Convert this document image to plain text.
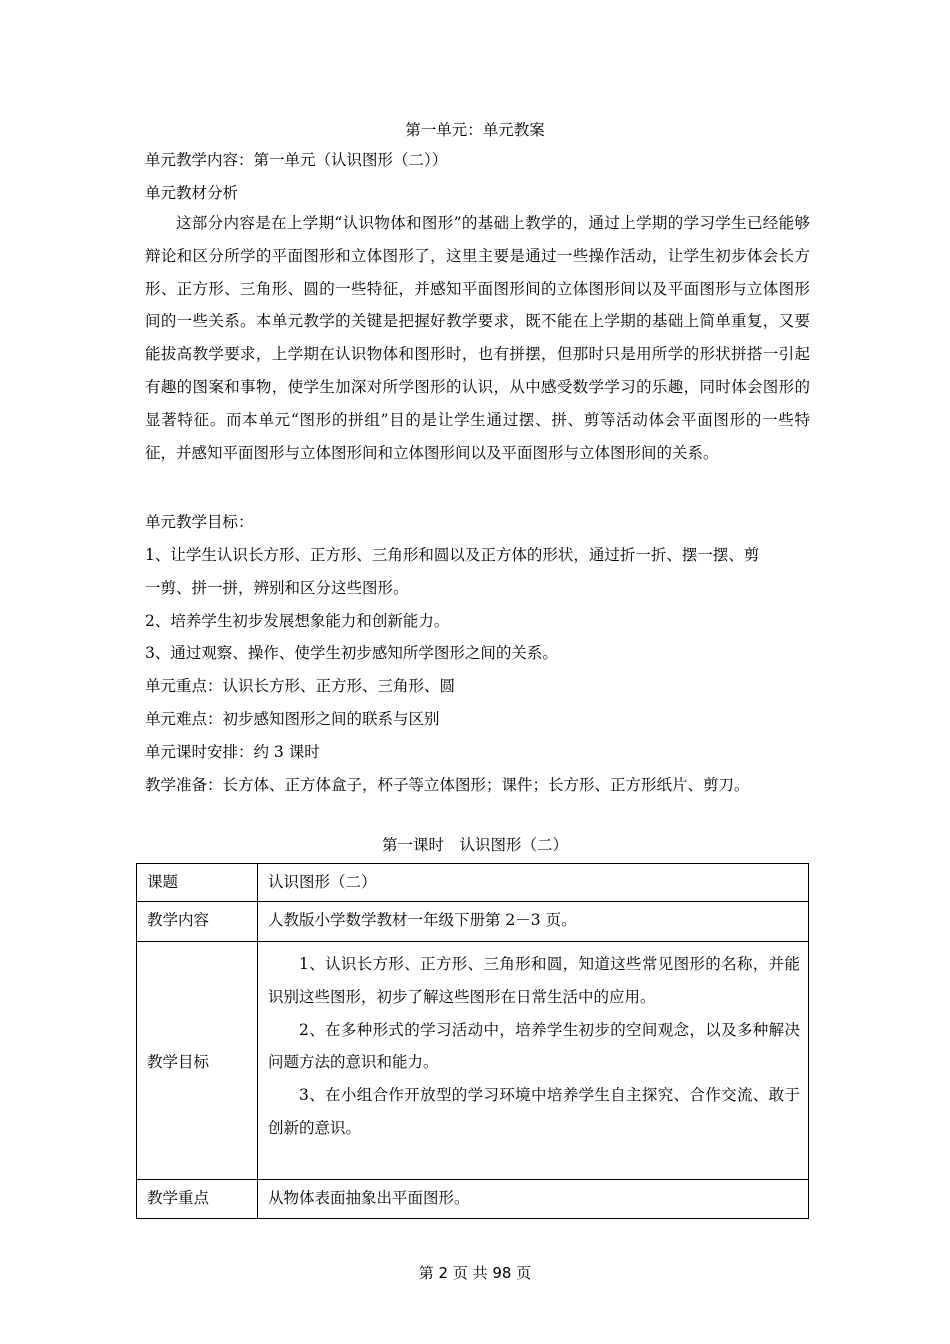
第一单元：单元教案
单元教学内容：第一单元（认识图形（二））
单元教材分析
这部分内容是在上学期“认识物体和图形”的基础上教学的，通过上学期的学习学生已经能够辩论和区分所学的平面图形和立体图形了，这里主要是通过一些操作活动，让学生初步体会长方形、正方形、三角形、圆的一些特征，并感知平面图形间的立体图形间以及平面图形与立体图形间的一些关系。本单元教学的关键是把握好教学要求，既不能在上学期的基础上简单重复，又要能拔高教学要求，上学期在认识物体和图形时，也有拼摆，但那时只是用所学的形状拼搭一引起有趣的图案和事物，使学生加深对所学图形的认识，从中感受数学学习的乐趣，同时体会图形的显著特征。而本单元“图形的拼组”目的是让学生通过摆、拼、剪等活动体会平面图形的一些特征，并感知平面图形与立体图形间和立体图形间以及平面图形与立体图形间的关系。
单元教学目标：
1、让学生认识长方形、正方形、三角形和圆以及正方体的形状，通过折一折、摆一摆、剪
一剪、拼一拼，辨别和区分这些图形。
2、培养学生初步发展想象能力和创新能力。
3、通过观察、操作、使学生初步感知所学图形之间的关系。
单元重点：认识长方形、正方形、三角形、圆
单元难点：初步感知图形之间的联系与区别
单元课时安排：约 3 课时
教学准备：长方体、正方体盒子，杯子等立体图形；课件；长方形、正方形纸片、剪刀。
第一课时　认识图形（二）
课题	认识图形（二）
教学内容	人教版小学数学教材一年级下册第 2－3 页。
教学目标	1、认识长方形、正方形、三角形和圆，知道这些常见图形的名称，并能识别这些图形，初步了解这些图形在日常生活中的应用。

2、在多种形式的学习活动中，培养学生初步的空间观念，以及多种解决问题方法的意识和能力。

3、在小组合作开放型的学习环境中培养学生自主探究、合作交流、敢于创新的意识。

教学重点	从物体表面抽象出平面图形。
第 2 页 共 98 页
